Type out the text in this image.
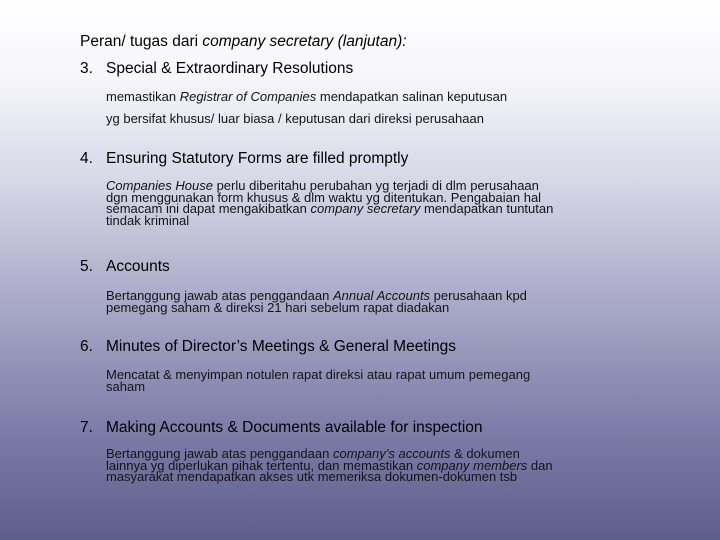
Peran/ tugas dari company secretary (lanjutan):
3. Special & Extraordinary Resolutions
memastikan Registrar of Companies mendapatkan salinan keputusan
yg bersifat khusus/ luar biasa / keputusan dari direksi perusahaan
4. Ensuring Statutory Forms are filled promptly
Companies House perlu diberitahu perubahan yg terjadi di dlm perusahaan
dgn menggunakan form khusus & dlm waktu yg ditentukan. Pengabaian hal
semacam ini dapat mengakibatkan company secretary mendapatkan tuntutan
tindak kriminal
5. Accounts
Bertanggung jawab atas penggandaan Annual Accounts perusahaan kpd
pemegang saham & direksi 21 hari sebelum rapat diadakan
6. Minutes of Director’s Meetings & General Meetings
Mencatat & menyimpan notulen rapat direksi atau rapat umum pemegang
saham
7. Making Accounts & Documents available for inspection
Bertanggung jawab atas penggandaan company’s accounts & dokumen
lainnya yg diperlukan pihak tertentu, dan memastikan company members dan
masyarakat mendapatkan akses utk memeriksa dokumen-dokumen tsb
